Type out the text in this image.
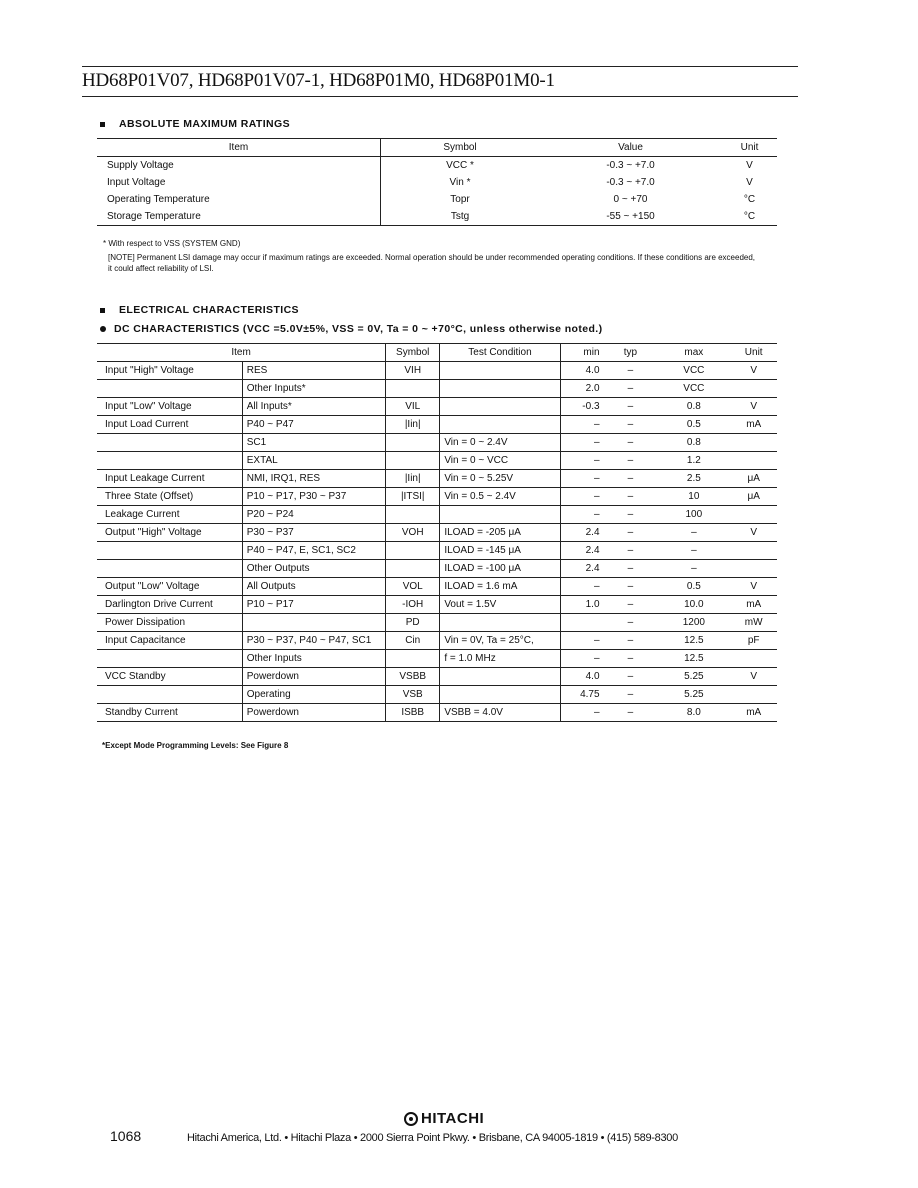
HD68P01V07, HD68P01V07-1, HD68P01M0, HD68P01M0-1
ABSOLUTE MAXIMUM RATINGS
Item	Symbol	Value	Unit
Supply Voltage	VCC *	-0.3 ~ +7.0	V
Input Voltage	Vin *	-0.3 ~ +7.0	V
Operating Temperature	Topr	0 ~ +70	°C
Storage Temperature	Tstg	-55 ~ +150	°C
* With respect to VSS (SYSTEM GND)
[NOTE] Permanent LSI damage may occur if maximum ratings are exceeded. Normal operation should be under recommended operating conditions. If these conditions are exceeded, it could affect reliability of LSI.
ELECTRICAL CHARACTERISTICS
DC CHARACTERISTICS (VCC =5.0V±5%, VSS = 0V, Ta = 0 ~ +70°C, unless otherwise noted.)
Item		Symbol	Test Condition	min	typ	max	Unit
Input "High" Voltage	RES	VIH		4.0	–	VCC	V
	Other Inputs*			2.0	–	VCC	
Input "Low" Voltage	All Inputs*	VIL		-0.3	–	0.8	V
Input Load Current	P40 ~ P47	|Iin|		–	–	0.5	mA
	SC1		Vin = 0 ~ 2.4V	–	–	0.8	
	EXTAL		Vin = 0 ~ VCC	–	–	1.2	
Input Leakage Current	NMI, IRQ1, RES	|Iin|	Vin = 0 ~ 5.25V	–	–	2.5	μA
Three State (Offset)	P10 ~ P17, P30 ~ P37	|ITSI|	Vin = 0.5 ~ 2.4V	–	–	10	μA
Leakage Current	P20 ~ P24			–	–	100	
Output "High" Voltage	P30 ~ P37	VOH	ILOAD = -205 μA	2.4	–	–	V
	P40 ~ P47, E, SC1, SC2		ILOAD = -145 μA	2.4	–	–	
	Other Outputs		ILOAD = -100 μA	2.4	–	–	
Output "Low" Voltage	All Outputs	VOL	ILOAD = 1.6 mA	–	–	0.5	V
Darlington Drive Current	P10 ~ P17	-IOH	Vout = 1.5V	1.0	–	10.0	mA
Power Dissipation		PD			–	1200	mW
Input Capacitance	P30 ~ P37, P40 ~ P47, SC1	Cin	Vin = 0V, Ta = 25°C,	–	–	12.5	pF
	Other Inputs		f = 1.0 MHz	–	–	12.5	
VCC Standby	Powerdown	VSBB		4.0	–	5.25	V
	Operating	VSB		4.75	–	5.25	
Standby Current	Powerdown	ISBB	VSBB = 4.0V	–	–	8.0	mA
*Except Mode Programming Levels: See Figure 8
HITACHI
1068	Hitachi America, Ltd. • Hitachi Plaza • 2000 Sierra Point Pkwy. • Brisbane, CA 94005-1819 • (415) 589-8300
